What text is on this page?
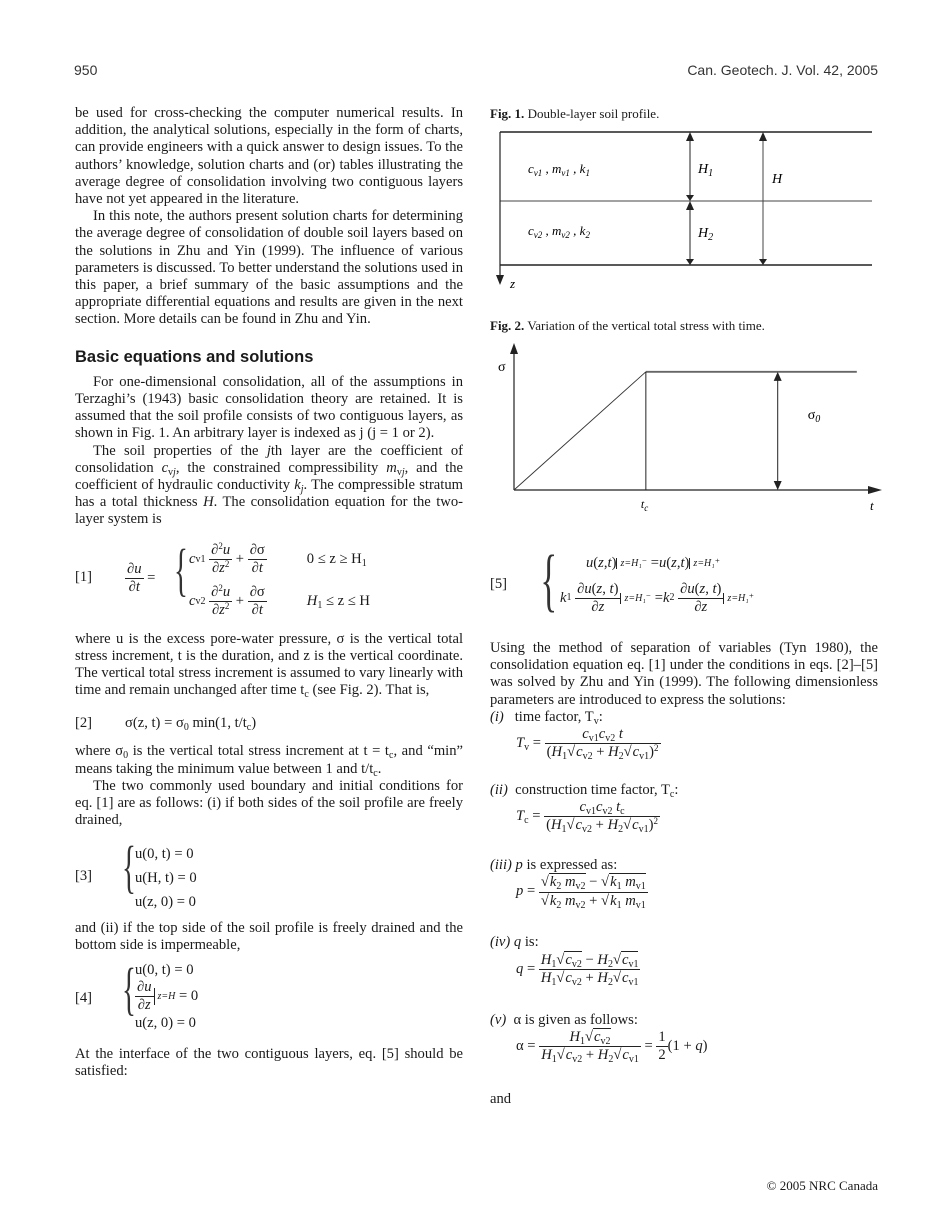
950	Can. Geotech. J. Vol. 42, 2005

be used for cross-checking the computer numerical results. In addition, the analytical solutions, especially in the form of charts, can provide engineers with a quick answer to design issues. To the authors’ knowledge, solution charts and (or) tables illustrating the average degree of consolidation involving two contiguous layers have not yet appeared in the literature.

In this note, the authors present solution charts for determining the average degree of consolidation of double soil layers based on the solutions in Zhu and Yin (1999). The influence of various parameters is discussed. To better understand the solutions used in this paper, a brief summary of the basic assumptions and the appropriate differential equations and results are given in the next section. More details can be found in Zhu and Yin.

Basic equations and solutions

For one-dimensional consolidation, all of the assumptions in Terzaghi’s (1943) basic consolidation theory are retained. It is assumed that the soil profile consists of two contiguous layers, as shown in Fig. 1. An arbitrary layer is indexed as j (j = 1 or 2).

The soil properties of the jth layer are the coefficient of consolidation $c_{vj}$, the constrained compressibility $m_{vj}$, and the coefficient of hydraulic conductivity $k_j$. The compressible stratum has a total thickness H. The consolidation equation for the two-layer system is

$[1] \frac{\partial u}{\partial t}$ = { c v1
$\frac{\partial^2u}{\partial z^2} + \frac{\partial\sigma}{\partial t}$	$0 \le z \ge H_1$
c v2
$\frac{\partial^2u}{\partial z^2} + \frac{\partial\sigma}{\partial t}$	$H_1 \le z \le H$

where u is the excess pore-water pressure, σ is the vertical total stress increment, t is the duration, and z is the vertical coordinate. The vertical total stress increment is assumed to vary linearly with time and remain unchanged after time $t_c$ (see Fig. 2). That is,

[2] σ(z, $t) = \sigma_0$ min(1, $t/t_c$)

where $\sigma_0$ is the vertical total stress increment at $t = t_c$, and “min” means taking the minimum value between 1 and $t/t_c$.

The two commonly used boundary and initial conditions for eq. [1] are as follows: (i) if both sides of the soil profile are freely drained,

[3] { u(0, t) = 0
u(H, t) = 0
u(z, 0) = 0

and (ii) if the top side of the soil profile is freely drained and the bottom side is impermeable,

[4] { u(0, t) = 0
$\frac{\partial u}{\partial z} z=H$
= 0
u(z, 0) = 0

At the interface of the two contiguous layers, eq. [5] should be satisfied:

Fig. 1. Double-layer soil profile.

z
$c_{v1}$ , $m_{v1}$ , $k_1$
$c_{v2}$ , $m_{v2}$ , $k_2$
$H_1$
$H_2$
H

Fig. 2. Variation of the vertical total stress with time.

σ
t
$t_c$
$\sigma_0$
[5] { u ( z , t ) z=H₁⁻ = u ( z , t ) z=H₁⁺
k 1
$\frac{\partial u(z, t)}{\partial z} z=H_1^- = k$ 2
$\frac{\partial u(z, t)}{\partial z} z=H_1^+$

Using the method of separation of variables (Tyn 1980), the consolidation equation eq. [1] under the conditions in eqs. [2]–[5] was solved by Zhu and Yin (1999). The following dimensionless parameters are introduced to express the solutions:

(i) time factor, $T_v$:

$T_v = \frac{c_{v1}c_{v2} t}{(H_1√c_{v2} + H_2√c_{v1})^2}$

(ii) construction time factor, $T_c$:

$T_c = \frac{c_{v1}c_{v2} t_c}{(H_1√c_{v2} + H_2√c_{v1})^2}$

(iii) p is expressed as:

$p = \frac{√k_2 m_{v2} - √k_1 m_{v1}}{√k_2 m_{v2} + √k_1 m_{v1}}$

(iv) q is:

$q = \frac{H_1√c_{v2} - H_2√c_{v1}}{H_1√c_{v2} + H_2√c_{v1}}$

(v) α is given as follows:

$\alpha = \frac{H_1√c_{v2}}{H_1√c_{v2} + H_2√c_{v1}} = \frac{1}{2} (1 + q)$

and

© 2005 NRC Canada
